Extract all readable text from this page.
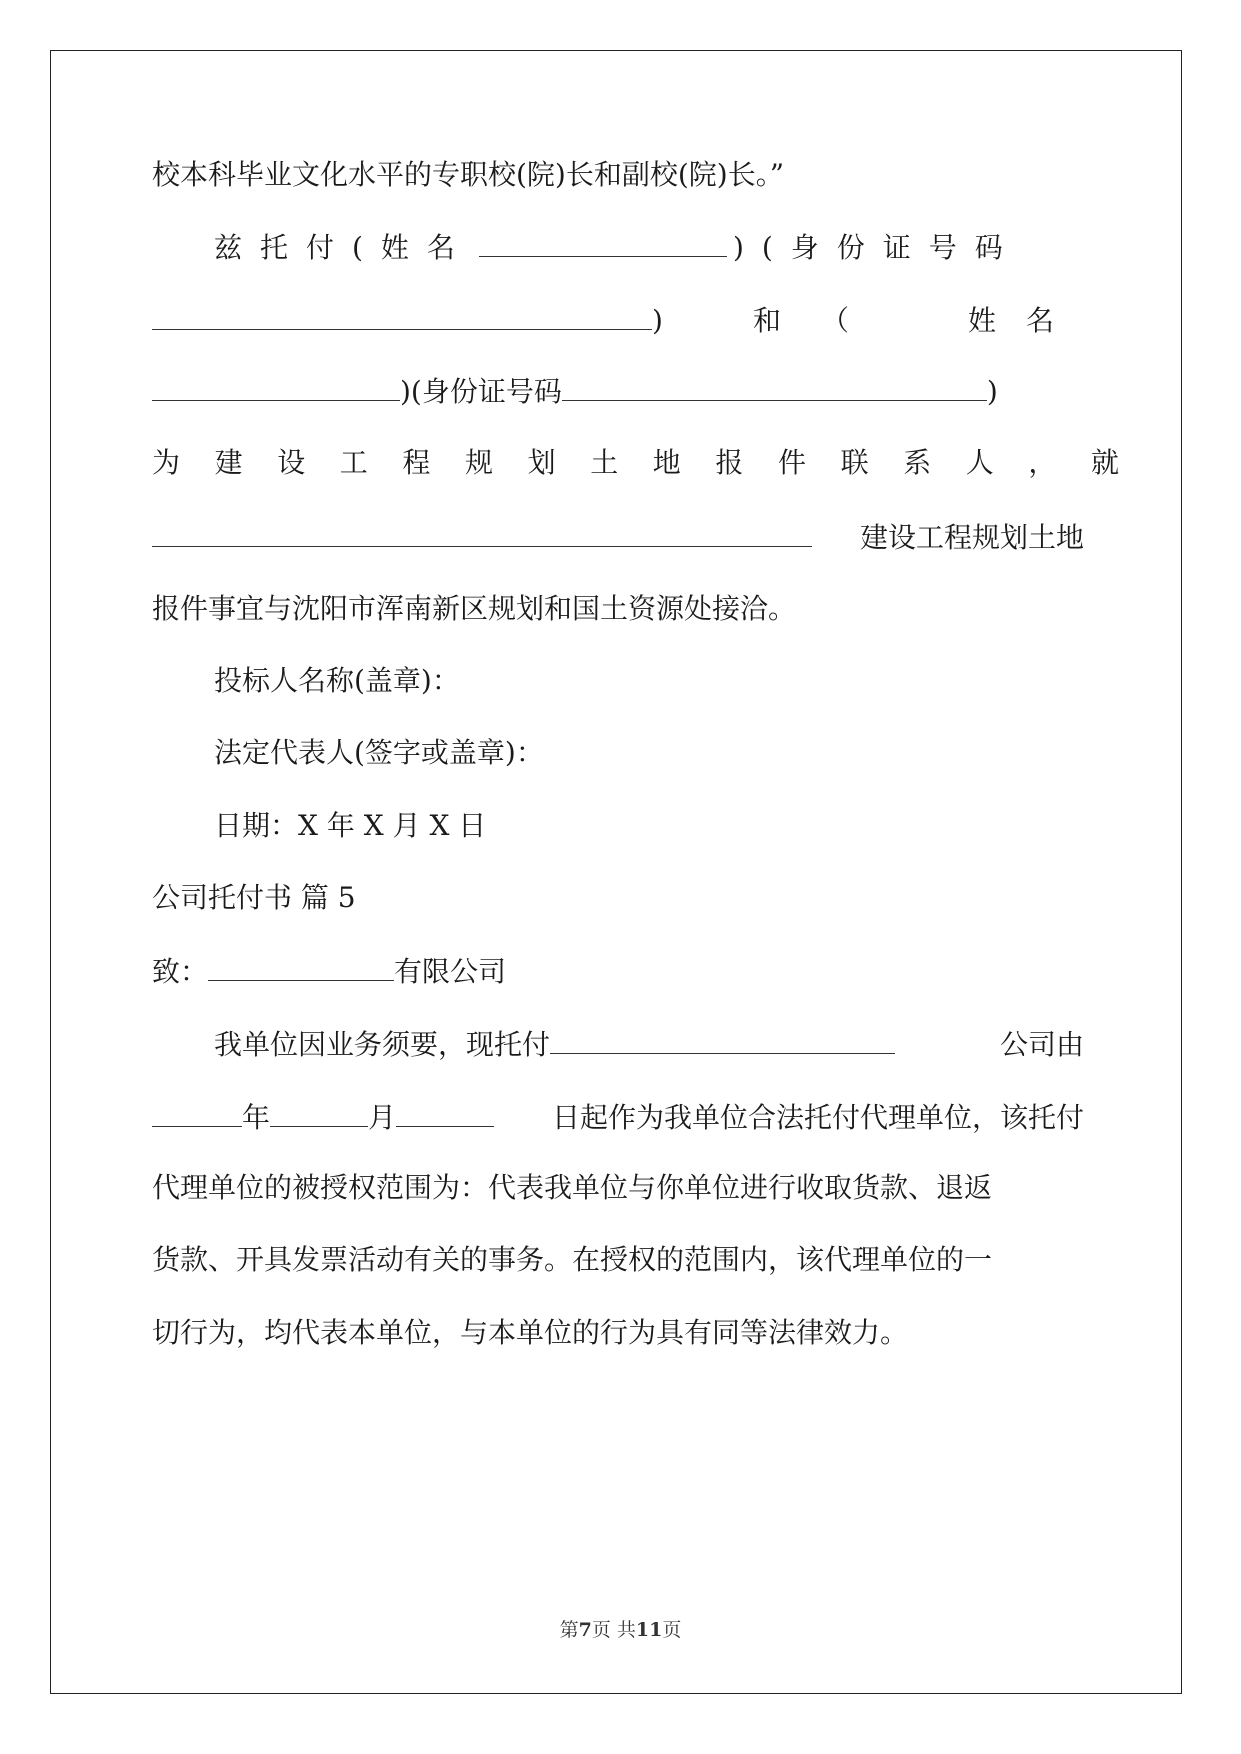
校本科毕业文化水平的专职校(院)长和副校(院)长。”
兹托付(姓名	)(身份证号码
)	和（	姓名
)(身份证号码	)
为建设工程规划土地报件联系人，就
建设工程规划土地
报件事宜与沈阳市浑南新区规划和国土资源处接洽。
投标人名称(盖章)：
法定代表人(签字或盖章)：
日期：X 年 X 月 X 日
公司托付书 篇 5
致：	有限公司
我单位因业务须要，现托付	公司由
年	月	日起作为我单位合法托付代理单位，该托付
代理单位的被授权范围为：代表我单位与你单位进行收取货款、退返
货款、开具发票活动有关的事务。在授权的范围内，该代理单位的一
切行为，均代表本单位，与本单位的行为具有同等法律效力。
第7页 共11页
